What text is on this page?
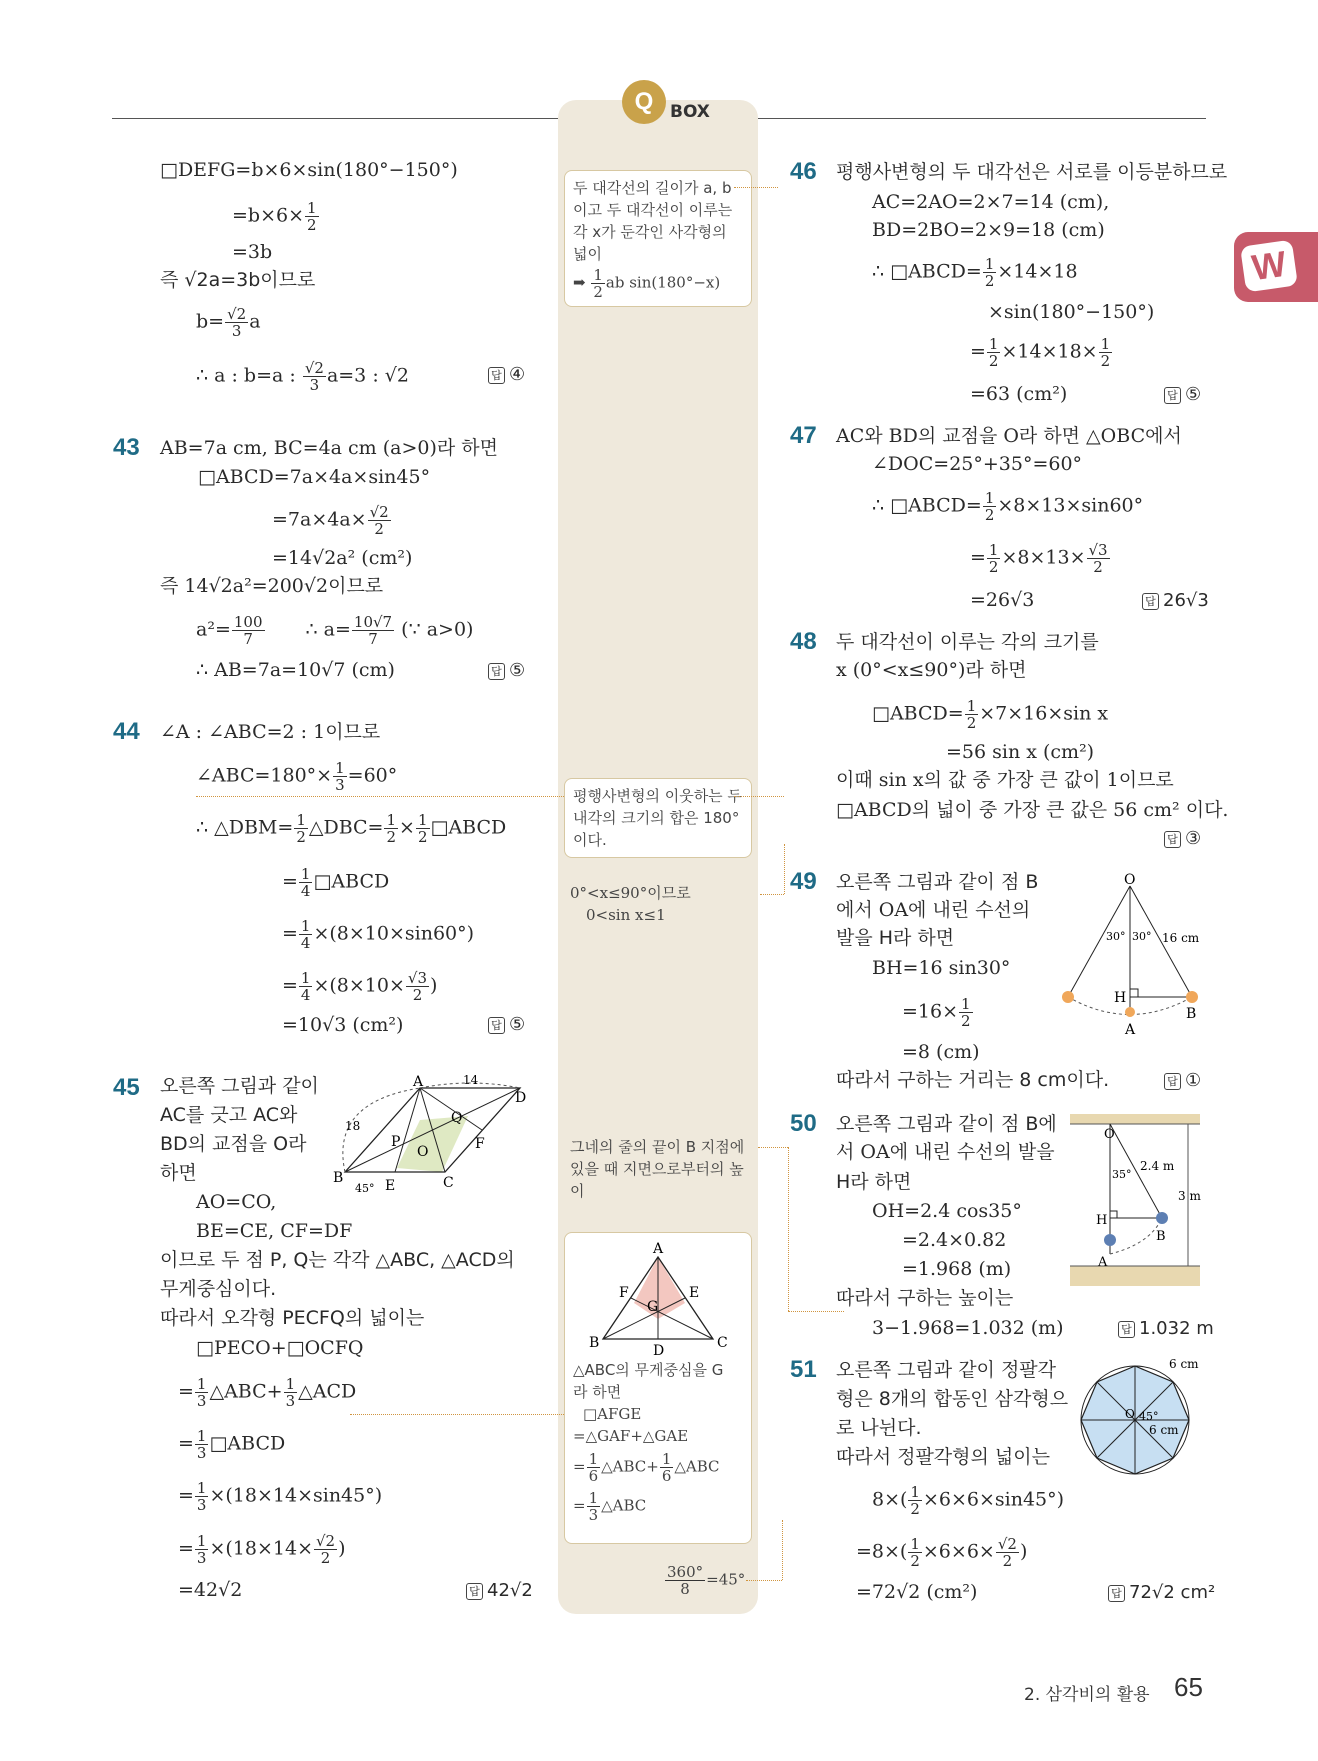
Q BOX
W
□DEFG=b×6×sin(180°−150°)
$=b\times 6\times \frac{1}{2}$
=3b
즉 √2a=3b이므로
$b= \frac{√2}{3}$ a
∴ a : b=a : $\frac{√2}{3} a=3$ : √2	답 ④
43 AB=7a cm, BC=4a cm (a>0)라 하면
□ABCD=7a×4a×sin45°
$=7a\times 4a\times \frac{√2}{2}$
=14√2a² (cm²)
즉 14√2a²=200√2이므로
$a^2= \frac{100}{7}$ ∴ $a= \frac{10√7}{7}$ (∵ a>0)
∴ AB=7a=10√7 (cm)	답 ⑤
44 ∠A : ∠ABC=2 : 1이므로
∠ABC=180°× $\frac{1}{3} =60^\circ$
∴ △DBM= $\frac{1}{2}$ △DBC= $\frac{1}{2} \times \frac{1}{2}$ □ABCD
= $\frac{1}{4}$ □ABCD
= $\frac{1}{4} \times(8\times 10\times\sin 60^\circ)$
= $\frac{1}{4} \times(8\times 10\times \frac{√3}{2}$ )
=10√3 (cm²)	답 ⑤
45 오른쪽 그림과 같이
AC를 긋고 AC와
BD의 교점을 O라
하면
AO=CO,
BE=CE, CF=DF
이므로 두 점 P, Q는 각각 △ABC, △ACD의
무게중심이다.
따라서 오각형 PECFQ의 넓이는
□PECO+□OCFQ
= $\frac{1}{3}$ △ABC+ $\frac{1}{3}$ △ACD
= $\frac{1}{3}$ □ABCD
= $\frac{1}{3} \times(18\times 14\times\sin 45^\circ)$
= $\frac{1}{3} \times(18\times 14\times \frac{√2}{2}$ )
=42√2	답 42√2
A
B	C
D
E
F
O
P
Q
14
18
45°
두 대각선의 길이가 a, b이고 두 대각선이 이루는 각 x가 둔각인 사각형의 넓이
➡ $\frac{1}{2}$ ab sin(180°−x)
평행사변형의 이웃하는 두 내각의 크기의 합은 180°이다.
0°<x≤90°이므로
0<sin x≤1
그네의 줄의 끝이 B 지점에 있을 때 지면으로부터의 높이
A
B	C
D
E
F
G
△ABC의 무게중심을 G
라 하면
□AFGE
=△GAF+△GAE
= $\frac{1}{6}$ △ABC+ $\frac{1}{6}$ △ABC
= $\frac{1}{3}$ △ABC
$\frac{360^\circ}{8} =45^\circ$
46 평행사변형의 두 대각선은 서로를 이등분하므로
AC=2AO=2×7=14 (cm),
BD=2BO=2×9=18 (cm)
∴ □ABCD= $\frac{1}{2} \times 14\times 18$
×sin(180°−150°)
= $\frac{1}{2} \times 14\times 18\times \frac{1}{2}$
=63 (cm²)	답 ⑤
47 AC와 BD의 교점을 O라 하면 △OBC에서
∠DOC=25°+35°=60°
∴ □ABCD= $\frac{1}{2} \times 8\times 13\times\sin 60^\circ$
= $\frac{1}{2} \times 8\times 13\times \frac{√3}{2}$
=26√3	답 26√3
48 두 대각선이 이루는 각의 크기를
x (0°<x≤90°)라 하면
□ABCD= $\frac{1}{2} \times 7\times 16\times\sin$ x
=56 sin x (cm²)
이때 sin x의 값 중 가장 큰 값이 1이므로
□ABCD의 넓이 중 가장 큰 값은 56 cm² 이다.
답 ③
49 오른쪽 그림과 같이 점 B
에서 OA에 내린 수선의
발을 H라 하면
BH=16 sin30°
$=16\times \frac{1}{2}$
=8 (cm)
따라서 구하는 거리는 8 cm이다.	답 ①
O
A
B
H
30° 30° 16 cm
50 오른쪽 그림과 같이 점 B에
서 OA에 내린 수선의 발을
H라 하면
OH=2.4 cos35°
=2.4×0.82
=1.968 (m)
따라서 구하는 높이는
3−1.968=1.032 (m)	답 1.032 m
O
A
B
H
35°
2.4 m
3 m
51 오른쪽 그림과 같이 정팔각
형은 8개의 합동인 삼각형으
로 나뉜다.
따라서 정팔각형의 넓이는
$8\times( \frac{1}{2} \times 6\times 6\times\sin 45^\circ)$
$=8\times( \frac{1}{2} \times 6\times 6\times \frac{√2}{2}$ )
=72√2 (cm²)	답 72√2 cm²
O
6 cm
6 cm
45°
2. 삼각비의 활용 65
